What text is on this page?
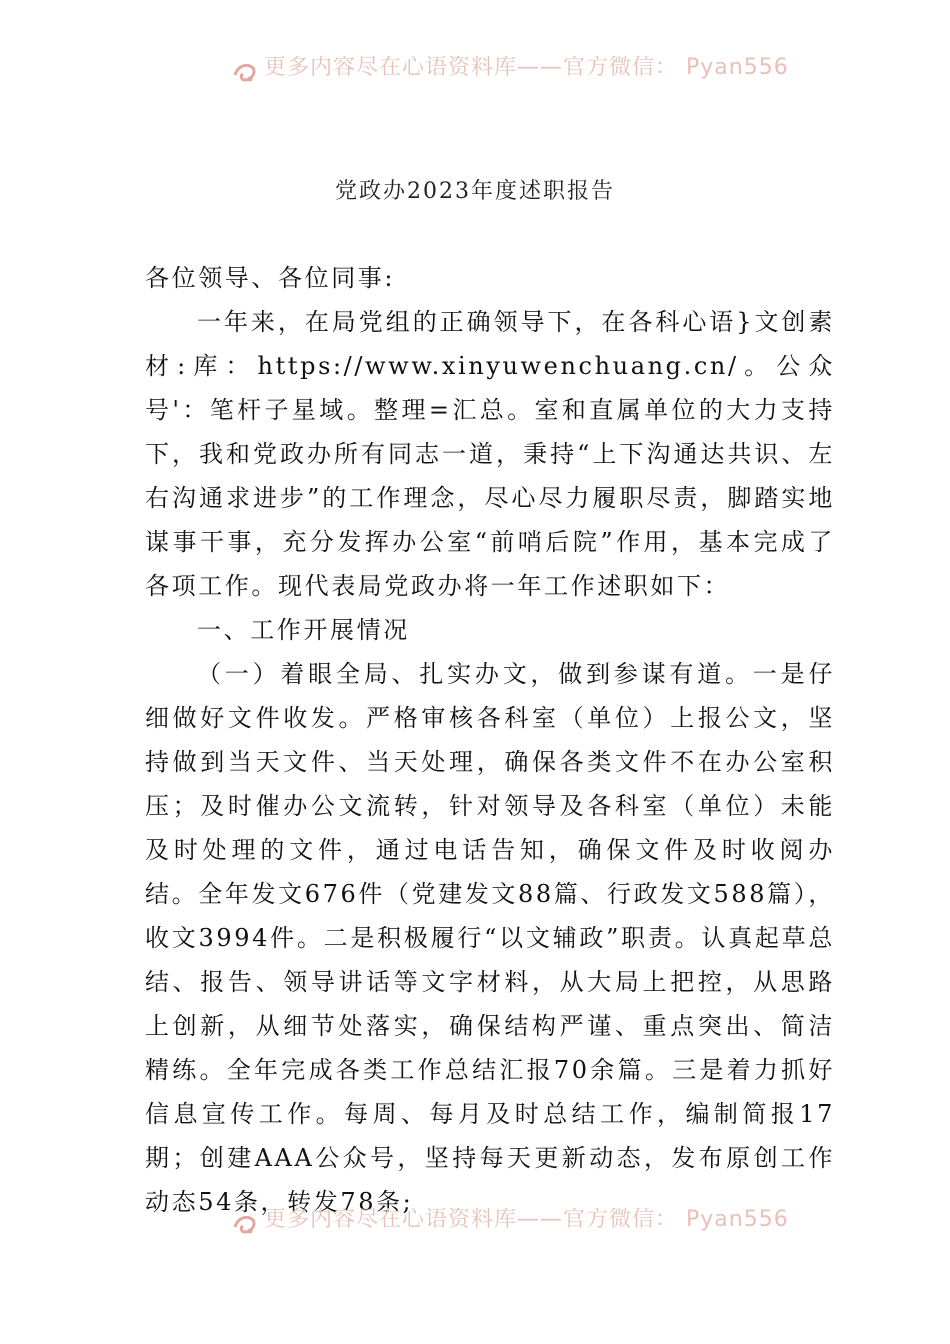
更多内容尽在心语资料库——官方微信： Pyan556
党政办2023年度述职报告

各位领导、各位同事:

一年来，在局党组的正确领导下，在各科心语}文创素材:库：https://www.xinyuwenchuang.cn/。公众号'：笔杆子星域。整理=汇总。室和直属单位的大力支持下，我和党政办所有同志一道，秉持“上下沟通达共识、左右沟通求进步”的工作理念，尽心尽力履职尽责，脚踏实地谋事干事，充分发挥办公室“前哨后院”作用，基本完成了各项工作。现代表局党政办将一年工作述职如下：

一、工作开展情况

（一）着眼全局、扎实办文，做到参谋有道。一是仔细做好文件收发。严格审核各科室（单位）上报公文，坚持做到当天文件、当天处理，确保各类文件不在办公室积压；及时催办公文流转，针对领导及各科室（单位）未能及时处理的文件，通过电话告知，确保文件及时收阅办结。全年发文676件（党建发文88篇、行政发文588篇），收文3994件。二是积极履行“以文辅政”职责。认真起草总结、报告、领导讲话等文字材料，从大局上把控，从思路上创新，从细节处落实，确保结构严谨、重点突出、简洁精练。全年完成各类工作总结汇报70余篇。三是着力抓好信息宣传工作。每周、每月及时总结工作，编制简报17期；创建AAA公众号，坚持每天更新动态，发布原创工作动态54条，转发78条;

更多内容尽在心语资料库——官方微信： Pyan556
